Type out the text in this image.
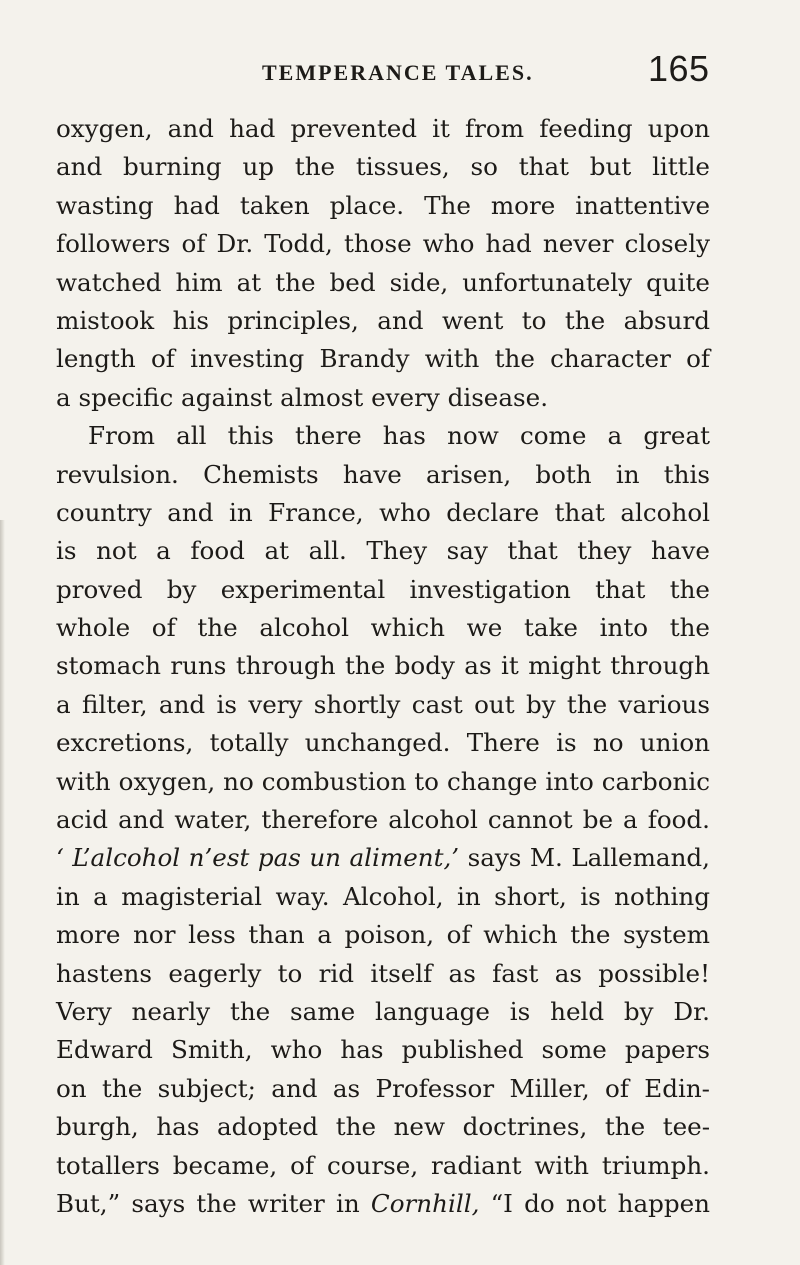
TEMPERANCE TALES.	165
oxygen, and had prevented it from feeding upon
and burning up the tissues, so that but little
wasting had taken place. The more inattentive
followers of Dr. Todd, those who had never closely
watched him at the bed side, unfortunately quite
mistook his principles, and went to the absurd
length of investing Brandy with the character of
a specific against almost every disease.
From all this there has now come a great
revulsion. Chemists have arisen, both in this
country and in France, who declare that alcohol
is not a food at all. They say that they have
proved by experimental investigation that the
whole of the alcohol which we take into the
stomach runs through the body as it might through
a filter, and is very shortly cast out by the various
excretions, totally unchanged. There is no union
with oxygen, no combustion to change into carbonic
acid and water, therefore alcohol cannot be a food.
‘ L’alcohol n’est pas un aliment,’ says M. Lallemand,
in a magisterial way. Alcohol, in short, is nothing
more nor less than a poison, of which the system
hastens eagerly to rid itself as fast as possible!
Very nearly the same language is held by Dr.
Edward Smith, who has published some papers
on the subject; and as Professor Miller, of Edin-
burgh, has adopted the new doctrines, the tee-
totallers became, of course, radiant with triumph.
But,” says the writer in Cornhill, “I do not happen
